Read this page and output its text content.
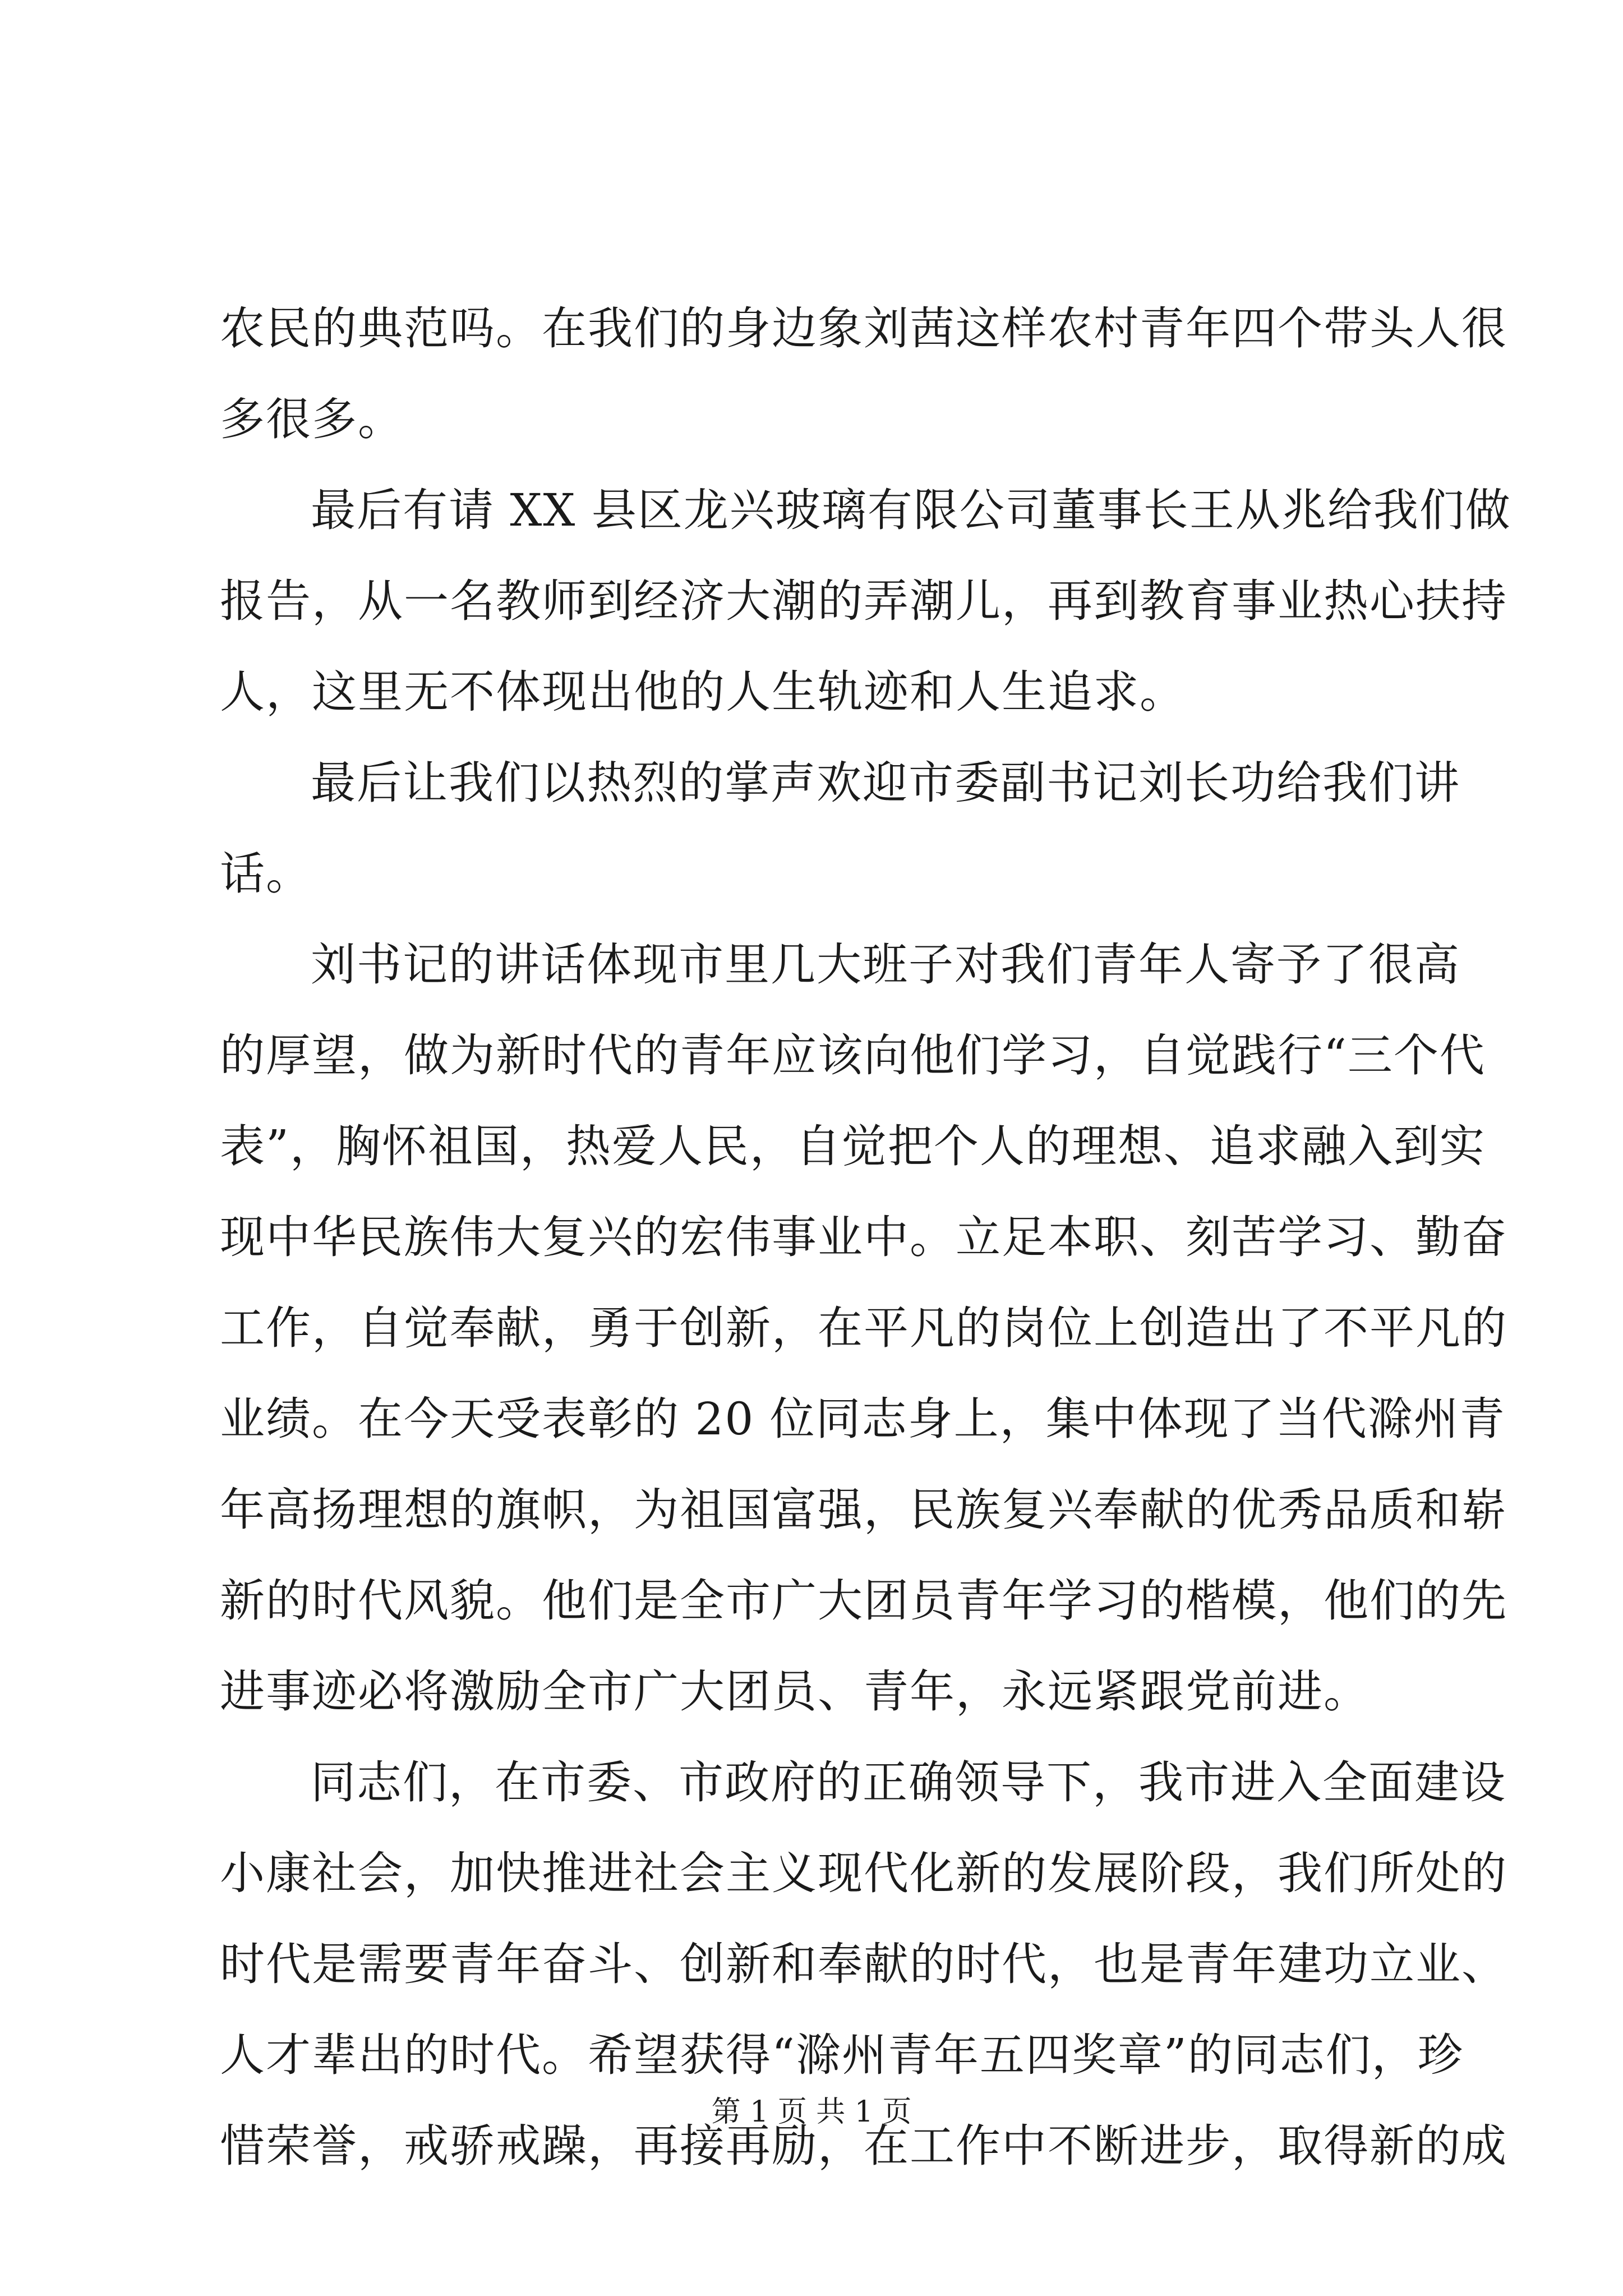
农民的典范吗。在我们的身边象刘茜这样农村青年四个带头人很
多很多。
最后有请 XX 县区龙兴玻璃有限公司董事长王从兆给我们做
报告，从一名教师到经济大潮的弄潮儿，再到教育事业热心扶持
人，这里无不体现出他的人生轨迹和人生追求。
最后让我们以热烈的掌声欢迎市委副书记刘长功给我们讲
话。
刘书记的讲话体现市里几大班子对我们青年人寄予了很高
的厚望，做为新时代的青年应该向他们学习，自觉践行“三个代
表”，胸怀祖国，热爱人民，自觉把个人的理想、追求融入到实
现中华民族伟大复兴的宏伟事业中。立足本职、刻苦学习、勤奋
工作，自觉奉献，勇于创新，在平凡的岗位上创造出了不平凡的
业绩。在今天受表彰的 20 位同志身上，集中体现了当代滁州青
年高扬理想的旗帜，为祖国富强，民族复兴奉献的优秀品质和崭
新的时代风貌。他们是全市广大团员青年学习的楷模，他们的先
进事迹必将激励全市广大团员、青年，永远紧跟党前进。
同志们，在市委、市政府的正确领导下，我市进入全面建设
小康社会，加快推进社会主义现代化新的发展阶段，我们所处的
时代是需要青年奋斗、创新和奉献的时代，也是青年建功立业、
人才辈出的时代。希望获得“滁州青年五四奖章”的同志们，珍
惜荣誉，戒骄戒躁，再接再励，在工作中不断进步，取得新的成
第 1 页 共 1 页
